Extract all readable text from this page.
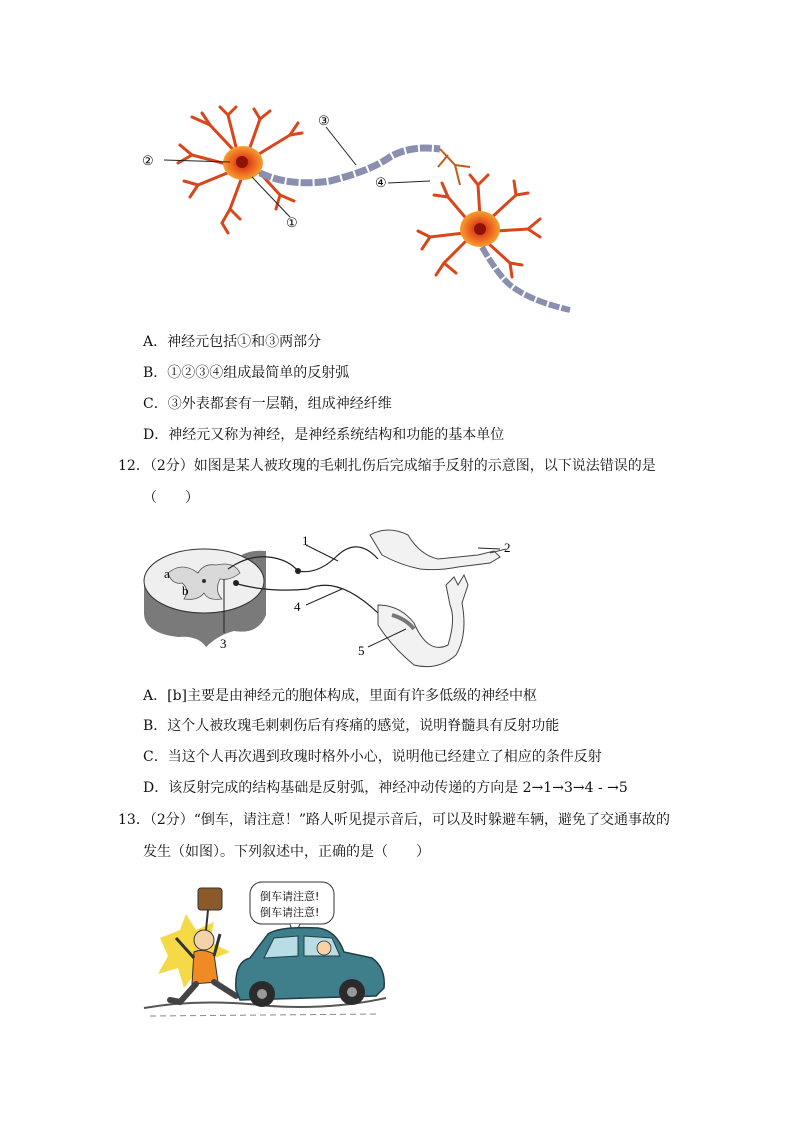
②
③
④
①
A．神经元包括①和③两部分
B．①②③④组成最简单的反射弧
C．③外表都套有一层鞘，组成神经纤维
D．神经元又称为神经，是神经系统结构和功能的基本单位
12．（2分）如图是某人被玫瑰的毛刺扎伤后完成缩手反射的示意图，以下说法错误的是
（　　）
a
b
1	2
4
5
3
A．[b]主要是由神经元的胞体构成，里面有许多低级的神经中枢
B．这个人被玫瑰毛刺刺伤后有疼痛的感觉，说明脊髓具有反射功能
C．当这个人再次遇到玫瑰时格外小心，说明他已经建立了相应的条件反射
D．该反射完成的结构基础是反射弧，神经冲动传递的方向是 2→1→3→4 - →5
13．（2分）“倒车，请注意！”路人听见提示音后，可以及时躲避车辆，避免了交通事故的
发生（如图）。下列叙述中，正确的是（　　）
倒车请注意!
倒车请注意!
